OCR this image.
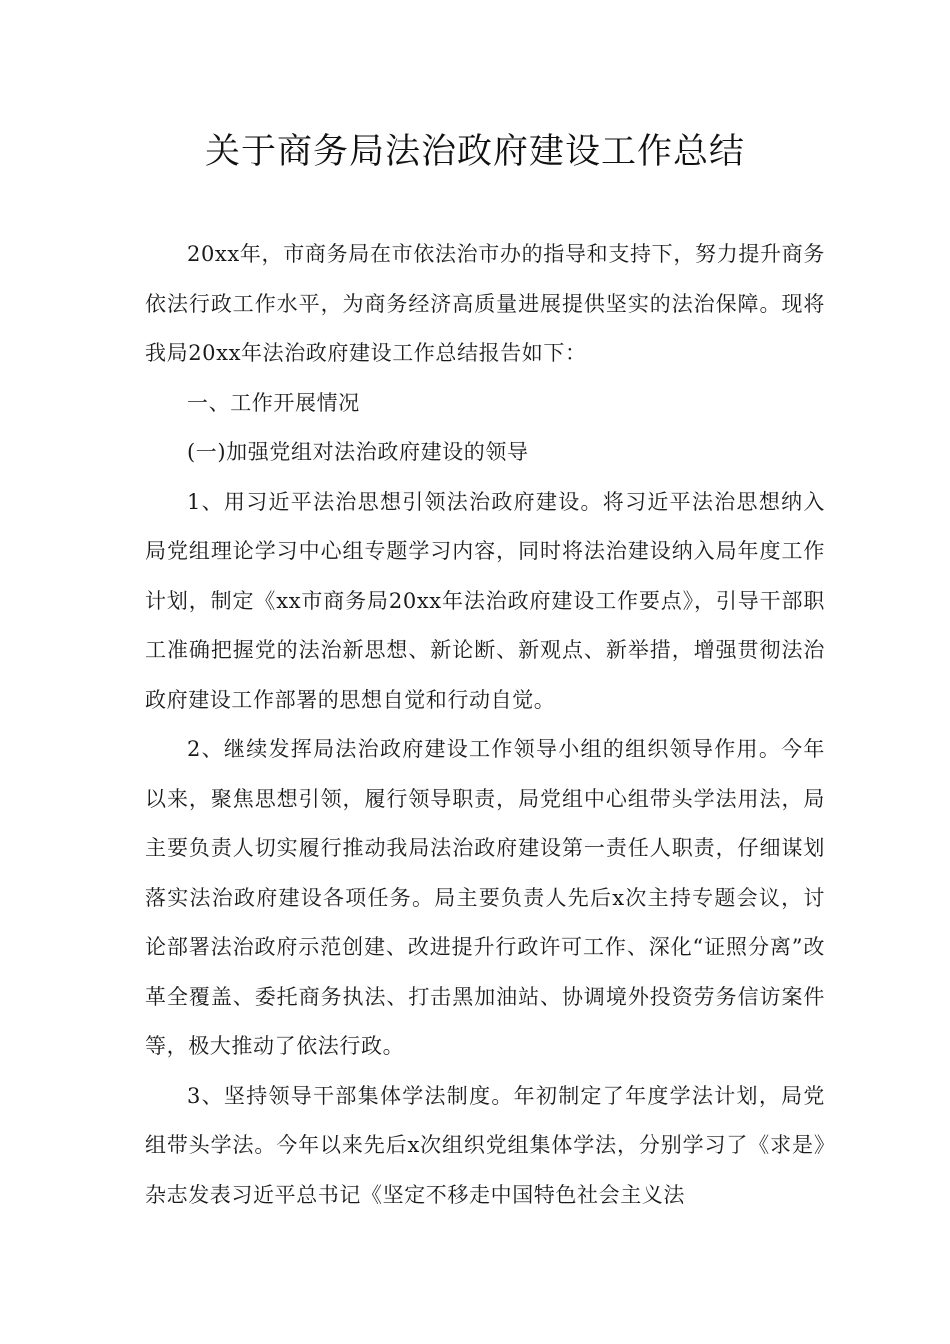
关于商务局法治政府建设工作总结

20xx年，市商务局在市依法治市办的指导和支持下，努力提升商务依法行政工作水平，为商务经济高质量进展提供坚实的法治保障。现将我局20xx年法治政府建设工作总结报告如下：

一、工作开展情况

(一)加强党组对法治政府建设的领导

1、用习近平法治思想引领法治政府建设。将习近平法治思想纳入局党组理论学习中心组专题学习内容，同时将法治建设纳入局年度工作计划，制定《xx市商务局20xx年法治政府建设工作要点》，引导干部职工准确把握党的法治新思想、新论断、新观点、新举措，增强贯彻法治政府建设工作部署的思想自觉和行动自觉。

2、继续发挥局法治政府建设工作领导小组的组织领导作用。今年以来，聚焦思想引领，履行领导职责，局党组中心组带头学法用法，局主要负责人切实履行推动我局法治政府建设第一责任人职责，仔细谋划落实法治政府建设各项任务。局主要负责人先后x次主持专题会议，讨论部署法治政府示范创建、改进提升行政许可工作、深化“证照分离”改革全覆盖、委托商务执法、打击黑加油站、协调境外投资劳务信访案件等，极大推动了依法行政。

3、坚持领导干部集体学法制度。年初制定了年度学法计划，局党组带头学法。今年以来先后x次组织党组集体学法，分别学习了《求是》杂志发表习近平总书记《坚定不移走中国特色社会主义法
